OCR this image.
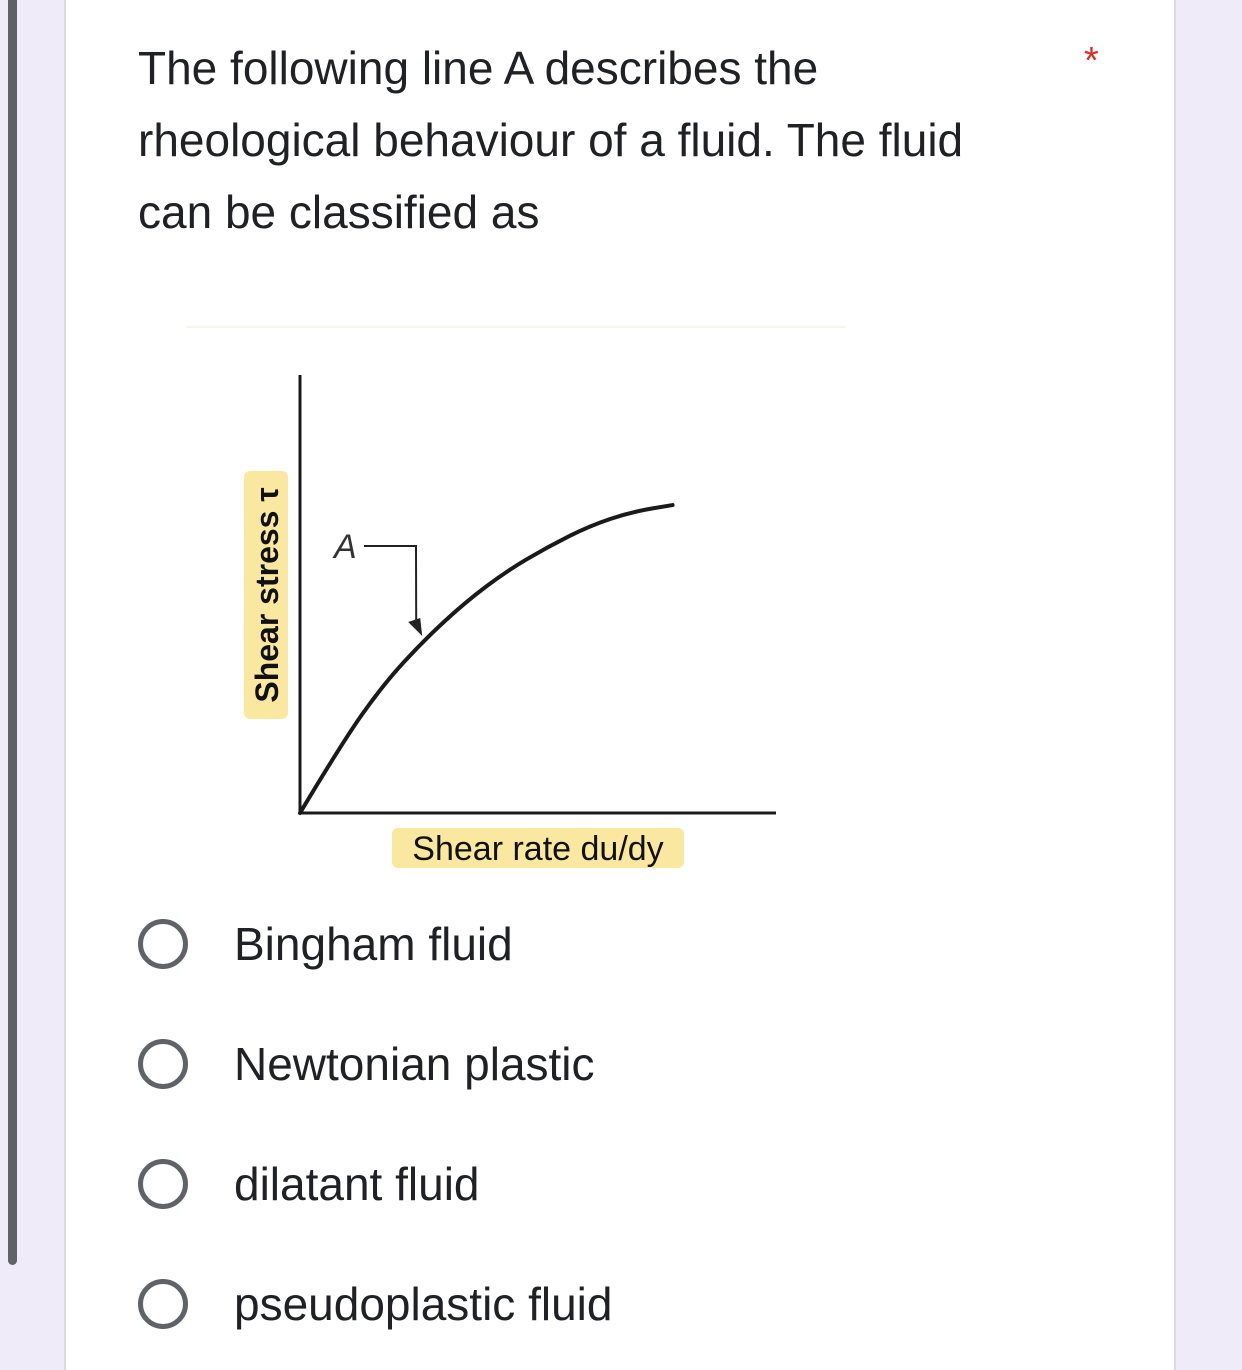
The following line A describes the rheological behaviour of a fluid. The fluid can be classified as

*
Shear rate du/dy
Shear stress τ A
Bingham fluid
Newtonian plastic
dilatant fluid
pseudoplastic fluid
